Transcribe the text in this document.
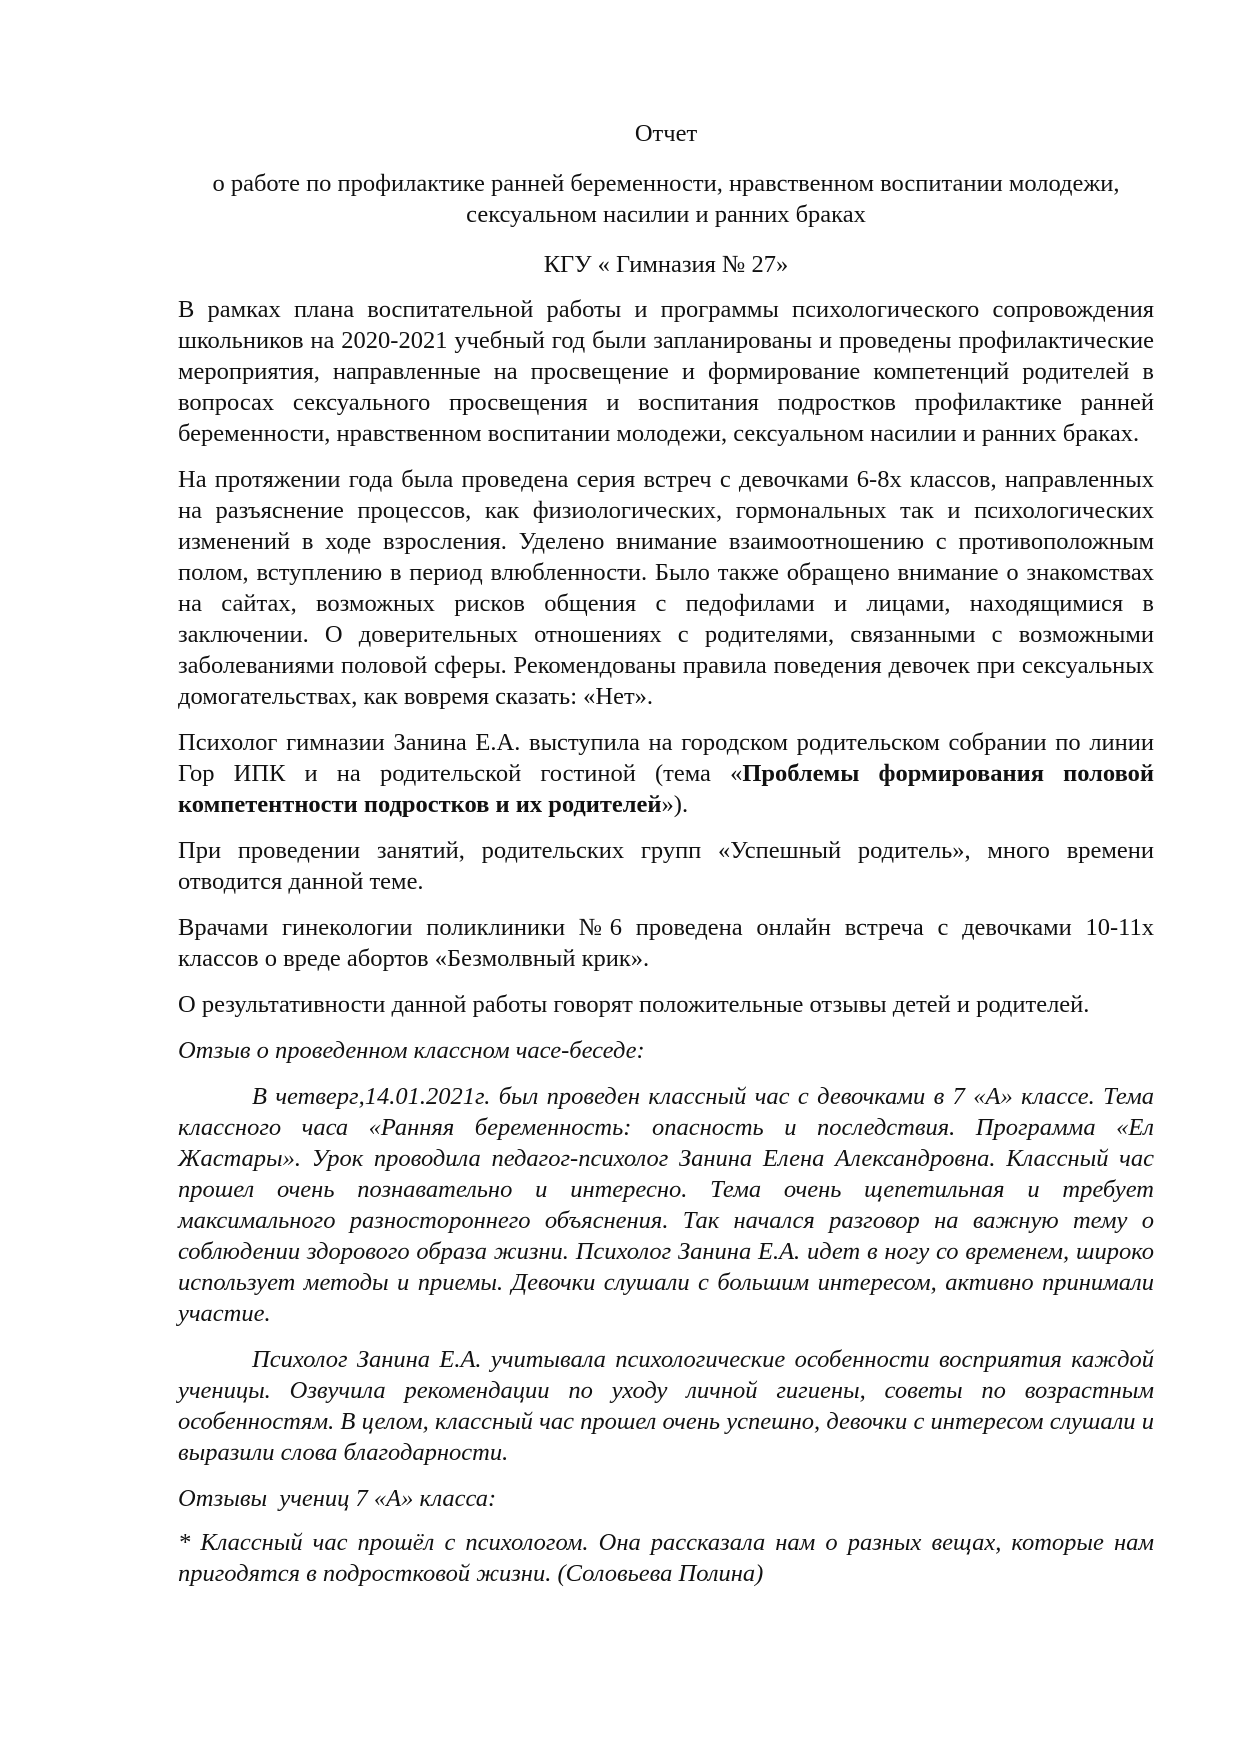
Отчет
о работе по профилактике ранней беременности, нравственном воспитании молодежи,
сексуальном насилии и ранних браках
КГУ « Гимназия № 27»

В рамках плана воспитательной работы и программы психологического сопровождения школьников на 2020-2021 учебный год были запланированы и проведены профилактические мероприятия, направленные на просвещение и формирование компетенций родителей в вопросах сексуального просвещения и воспитания подростков профилактике ранней беременности, нравственном воспитании молодежи, сексуальном насилии и ранних браках.

На протяжении года была проведена серия встреч с девочками 6-8х классов, направленных на разъяснение процессов, как физиологических, гормональных так и психологических изменений в ходе взросления. Уделено внимание взаимоотношению с противоположным полом, вступлению в период влюбленности. Было также обращено внимание о знакомствах на сайтах, возможных рисков общения с педофилами и лицами, находящимися в заключении. О доверительных отношениях с родителями, связанными с возможными заболеваниями половой сферы. Рекомендованы правила поведения девочек при сексуальных домогательствах, как вовремя сказать: «Нет».

Психолог гимназии Занина Е.А. выступила на городском родительском собрании по линии Гор ИПК и на родительской гостиной (тема «Проблемы формирования половой компетентности подростков и их родителей»).

При проведении занятий, родительских групп «Успешный родитель», много времени отводится данной теме.

Врачами гинекологии поликлиники №6 проведена онлайн встреча с девочками 10-11х классов о вреде абортов «Безмолвный крик».

О результативности данной работы говорят положительные отзывы детей и родителей.

Отзыв о проведенном классном часе-беседе:

В четверг,14.01.2021г. был проведен классный час с девочками в 7 «А» классе. Тема классного часа «Ранняя беременность: опасность и последствия. Программа «Ел Жастары». Урок проводила педагог-психолог Занина Елена Александровна. Классный час прошел очень познавательно и интересно. Тема очень щепетильная и требует максимального разностороннего объяснения. Так начался разговор на важную тему о соблюдении здорового образа жизни. Психолог Занина Е.А. идет в ногу со временем, широко использует методы и приемы. Девочки слушали с большим интересом, активно принимали участие.

Психолог Занина Е.А. учитывала психологические особенности восприятия каждой ученицы. Озвучила рекомендации по уходу личной гигиены, советы по возрастным особенностям. В целом, классный час прошел очень успешно, девочки с интересом слушали и выразили слова благодарности.

Отзывы  учениц 7 «А» класса:

* Классный час прошёл с психологом. Она рассказала нам о разных вещах, которые нам пригодятся в подростковой жизни. (Соловьева Полина)
